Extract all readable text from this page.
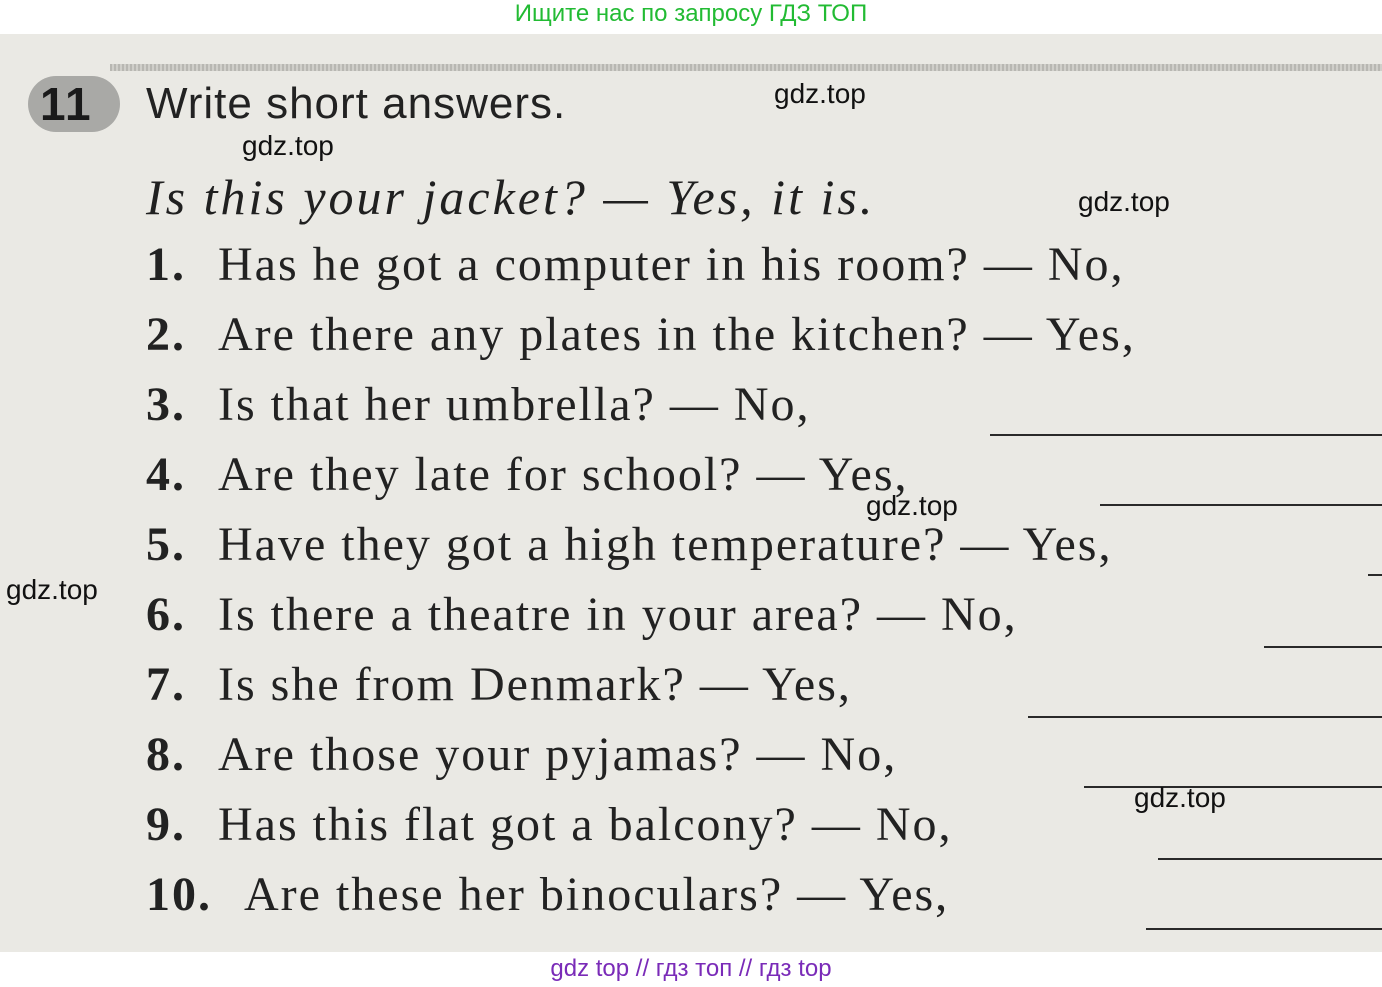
Ищите нас по запросу ГДЗ ТОП
11 Write short answers.
Is this your jacket? — Yes, it is.
1. Has he got a computer in his room? — No,
2. Are there any plates in the kitchen? — Yes,
3. Is that her umbrella? — No,
4. Are they late for school? — Yes,
5. Have they got a high temperature? — Yes,
6. Is there a theatre in your area? — No,
7. Is she from Denmark? — Yes,
8. Are those your pyjamas? — No,
9. Has this flat got a balcony? — No,
10. Are these her binoculars? — Yes,
gdz.top
gdz.top
gdz.top
gdz.top
gdz.top
gdz.top
gdz top // гдз топ // гдз top
